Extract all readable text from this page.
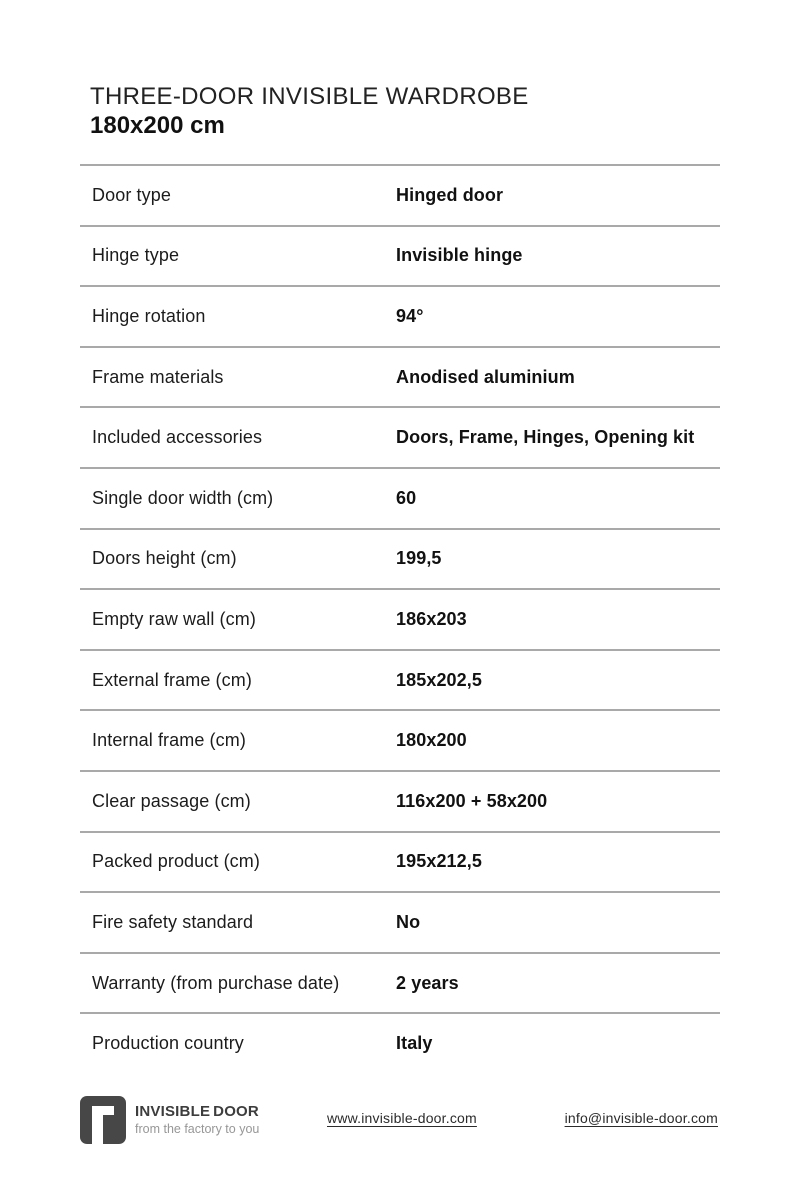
THREE-DOOR INVISIBLE WARDROBE
180x200 cm
Door type	Hinged door
Hinge type	Invisible hinge
Hinge rotation	94°
Frame materials	Anodised aluminium
Included accessories	Doors, Frame, Hinges, Opening kit
Single door width (cm)	60
Doors height (cm)	199,5
Empty raw wall (cm)	186x203
External frame (cm)	185x202,5
Internal frame (cm)	180x200
Clear passage (cm)	116x200 + 58x200
Packed product (cm)	195x212,5
Fire safety standard	No
Warranty (from purchase date)	2 years
Production country	Italy
INVISIBLE DOOR
from the factory to you
www.invisible-door.com	info@invisible-door.com
